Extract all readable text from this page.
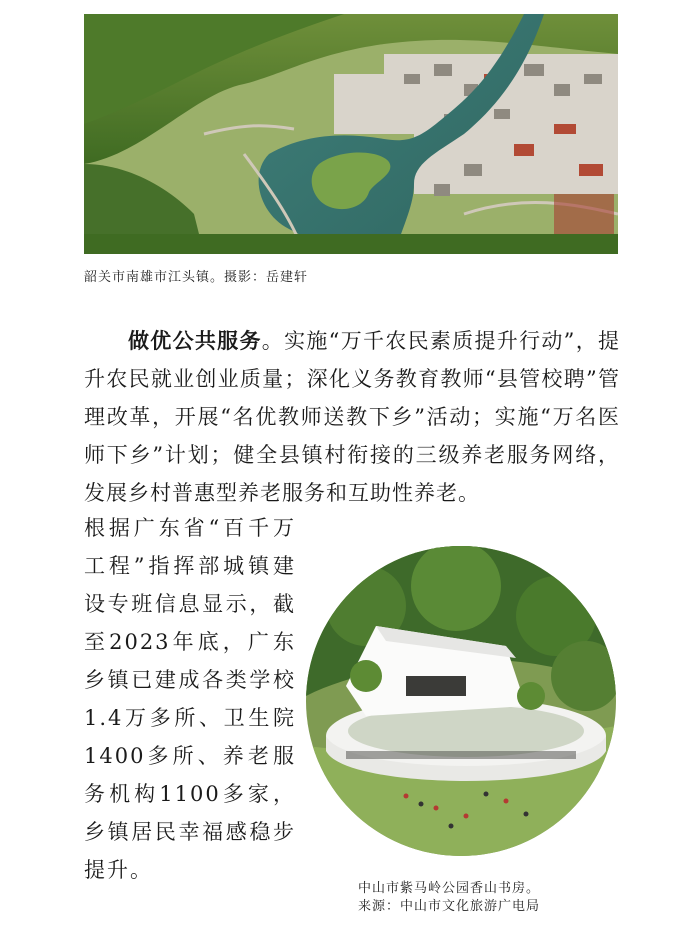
韶关市南雄市江头镇。摄影：岳建轩

做优公共服务。实施“万千农民素质提升行动”，提升农民就业创业质量；深化义务教育教师“县管校聘”管理改革，开展“名优教师送教下乡”活动；实施“万名医师下乡”计划；健全县镇村衔接的三级养老服务网络，发展乡村普惠型养老服务和互助性养老。

根据广东省“百千万工程”指挥部城镇建设专班信息显示，截至2023年底，广东乡镇已建成各类学校1.4万多所、卫生院1400多所、养老服务机构1100多家，乡镇居民幸福感稳步提升。

中山市紫马岭公园香山书房。
来源：中山市文化旅游广电局
